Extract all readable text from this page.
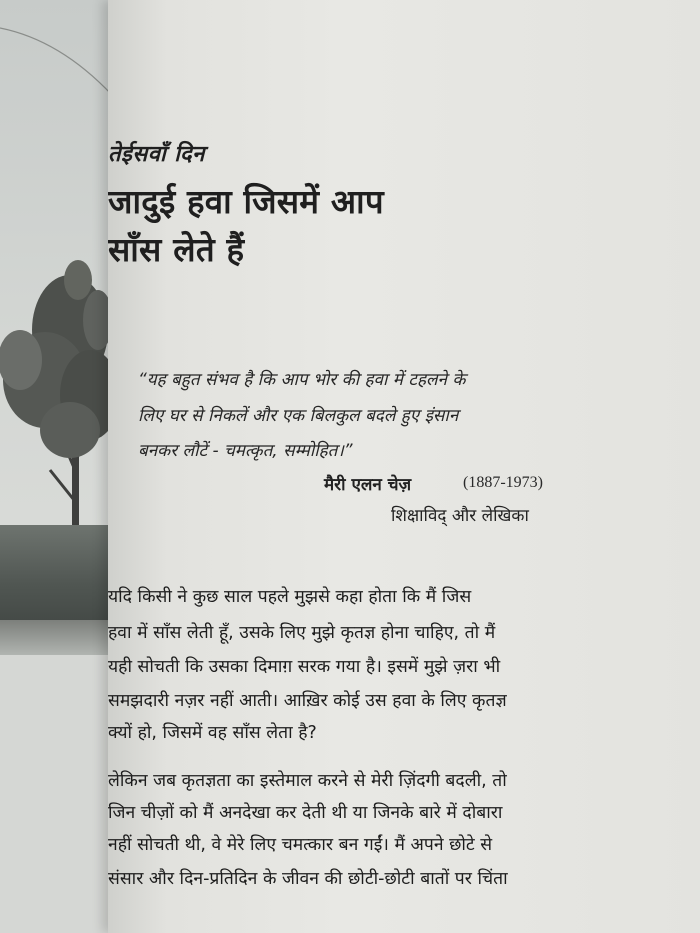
तेईसवाँ दिन
जादुई हवा जिसमें आप
साँस लेते हैं
“यह बहुत संभव है कि आप भोर की हवा में टहलने के
लिए घर से निकलें और एक बिलकुल बदले हुए इंसान
बनकर लौटें - चमत्कृत, सम्मोहित।”
मैरी एलन चेज़	(1887-1973)
शिक्षाविद् और लेखिका
यदि किसी ने कुछ साल पहले मुझसे कहा होता कि मैं जिस
हवा में साँस लेती हूँ, उसके लिए मुझे कृतज्ञ होना चाहिए, तो मैं
यही सोचती कि उसका दिमाग़ सरक गया है। इसमें मुझे ज़रा भी
समझदारी नज़र नहीं आती। आख़िर कोई उस हवा के लिए कृतज्ञ
क्यों हो, जिसमें वह साँस लेता है?
लेकिन जब कृतज्ञता का इस्तेमाल करने से मेरी ज़िंदगी बदली, तो
जिन चीज़ों को मैं अनदेखा कर देती थी या जिनके बारे में दोबारा
नहीं सोचती थी, वे मेरे लिए चमत्कार बन गईं। मैं अपने छोटे से
संसार और दिन-प्रतिदिन के जीवन की छोटी-छोटी बातों पर चिंता
